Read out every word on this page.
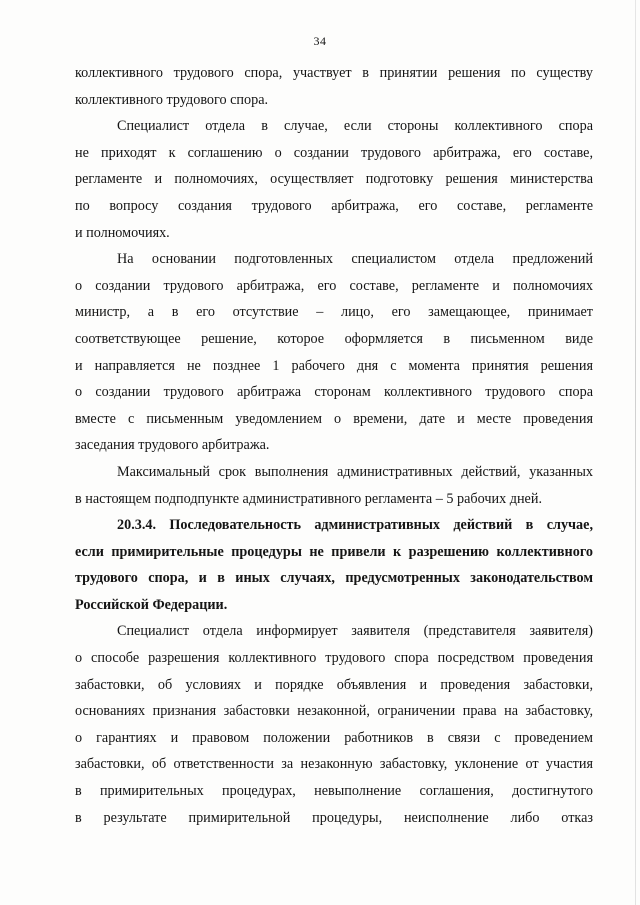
34
коллективного трудового спора, участвует в принятии решения по существу
коллективного трудового спора.
Специалист отдела в случае, если стороны коллективного спора
не приходят к соглашению о создании трудового арбитража, его составе,
регламенте и полномочиях, осуществляет подготовку решения министерства
по вопросу создания трудового арбитража, его составе, регламенте
и полномочиях.
На основании подготовленных специалистом отдела предложений
о создании трудового арбитража, его составе, регламенте и полномочиях
министр, а в его отсутствие – лицо, его замещающее, принимает
соответствующее решение, которое оформляется в письменном виде
и направляется не позднее 1 рабочего дня с момента принятия решения
о создании трудового арбитража сторонам коллективного трудового спора
вместе с письменным уведомлением о времени, дате и месте проведения
заседания трудового арбитража.
Максимальный срок выполнения административных действий, указанных
в настоящем подподпункте административного регламента – 5 рабочих дней.
20.3.4. Последовательность административных действий в случае,
если примирительные процедуры не привели к разрешению коллективного
трудового спора, и в иных случаях, предусмотренных законодательством
Российской Федерации.
Специалист отдела информирует заявителя (представителя заявителя)
о способе разрешения коллективного трудового спора посредством проведения
забастовки, об условиях и порядке объявления и проведения забастовки,
основаниях признания забастовки незаконной, ограничении права на забастовку,
о гарантиях и правовом положении работников в связи с проведением
забастовки, об ответственности за незаконную забастовку, уклонение от участия
в примирительных процедурах, невыполнение соглашения, достигнутого
в результате примирительной процедуры, неисполнение либо отказ
